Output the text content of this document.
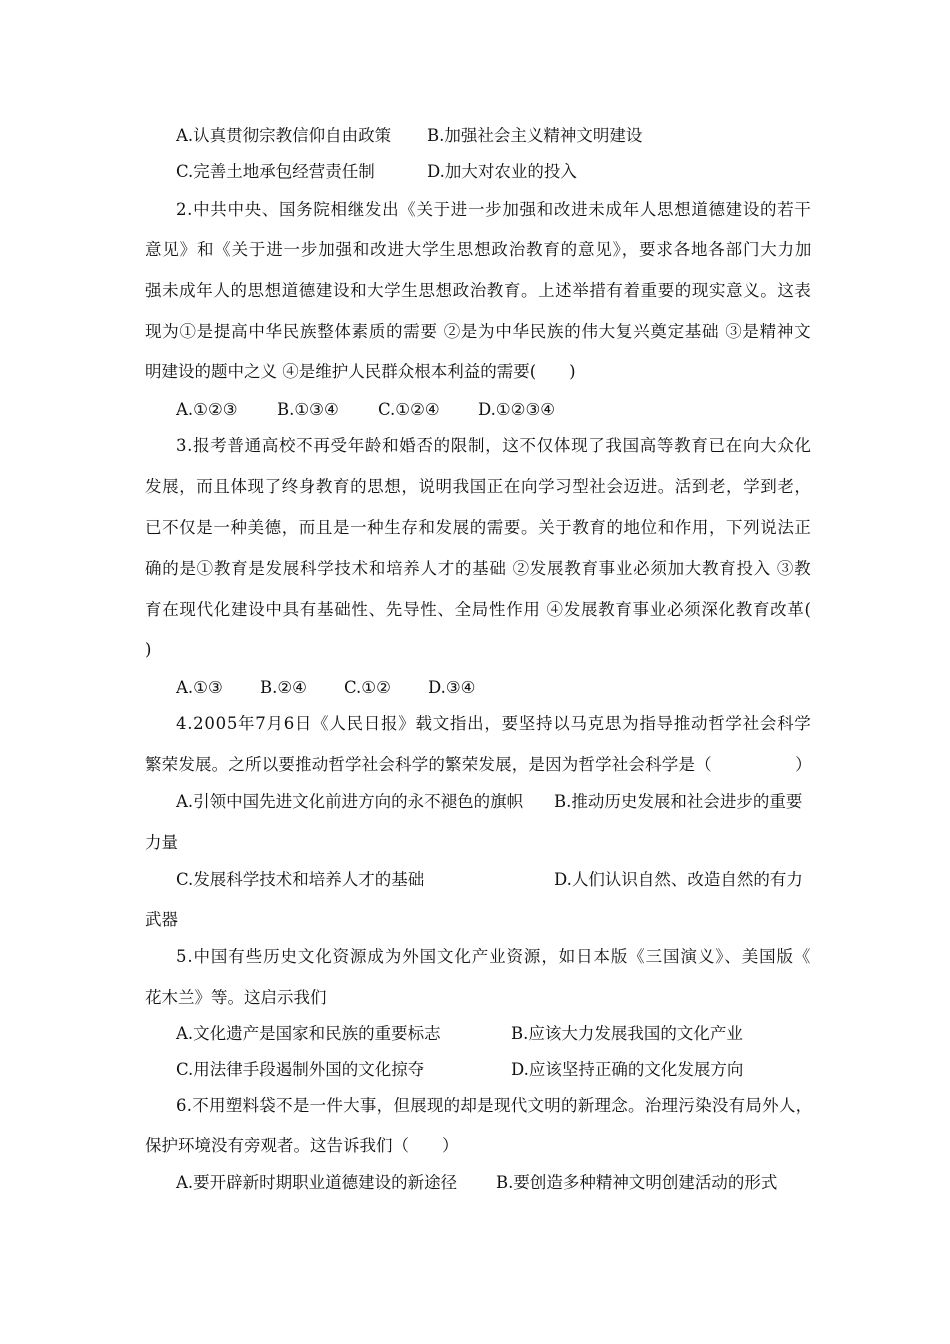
A.认真贯彻宗教信仰自由政策 B.加强社会主义精神文明建设
C.完善土地承包经营责任制	D.加大对农业的投入
2.中共中央、国务院相继发出《关于进一步加强和改进未成年人思想道德建设的若干
意见》和《关于进一步加强和改进大学生思想政治教育的意见》，要求各地各部门大力加
强未成年人的思想道德建设和大学生思想政治教育。上述举措有着重要的现实意义。这表
现为①是提高中华民族整体素质的需要 ②是为中华民族的伟大复兴奠定基础 ③是精神文
明建设的题中之义 ④是维护人民群众根本利益的需要(　　)
A.①②③ B.①③④ C.①②④ D.①②③④
3.报考普通高校不再受年龄和婚否的限制，这不仅体现了我国高等教育已在向大众化
发展，而且体现了终身教育的思想，说明我国正在向学习型社会迈进。活到老，学到老，
已不仅是一种美德，而且是一种生存和发展的需要。关于教育的地位和作用，下列说法正
确的是①教育是发展科学技术和培养人才的基础 ②发展教育事业必须加大教育投入 ③教
育在现代化建设中具有基础性、先导性、全局性作用 ④发展教育事业必须深化教育改革(
)
A.①③ B.②④ C.①② D.③④
4.2005年7月6日《人民日报》载文指出，要坚持以马克思为指导推动哲学社会科学
繁荣发展。之所以要推动哲学社会科学的繁荣发展，是因为哲学社会科学是（　　　　　）
A.引领中国先进文化前进方向的永不褪色的旗帜 B.推动历史发展和社会进步的重要
力量
C.发展科学技术和培养人才的基础	D.人们认识自然、改造自然的有力
武器
5.中国有些历史文化资源成为外国文化产业资源，如日本版《三国演义》、美国版《
花木兰》等。这启示我们
A.文化遗产是国家和民族的重要标志	B.应该大力发展我国的文化产业
C.用法律手段遏制外国的文化掠夺	D.应该坚持正确的文化发展方向
6.不用塑料袋不是一件大事，但展现的却是现代文明的新理念。治理污染没有局外人，
保护环境没有旁观者。这告诉我们（　　）
A.要开辟新时期职业道德建设的新途径 B.要创造多种精神文明创建活动的形式
